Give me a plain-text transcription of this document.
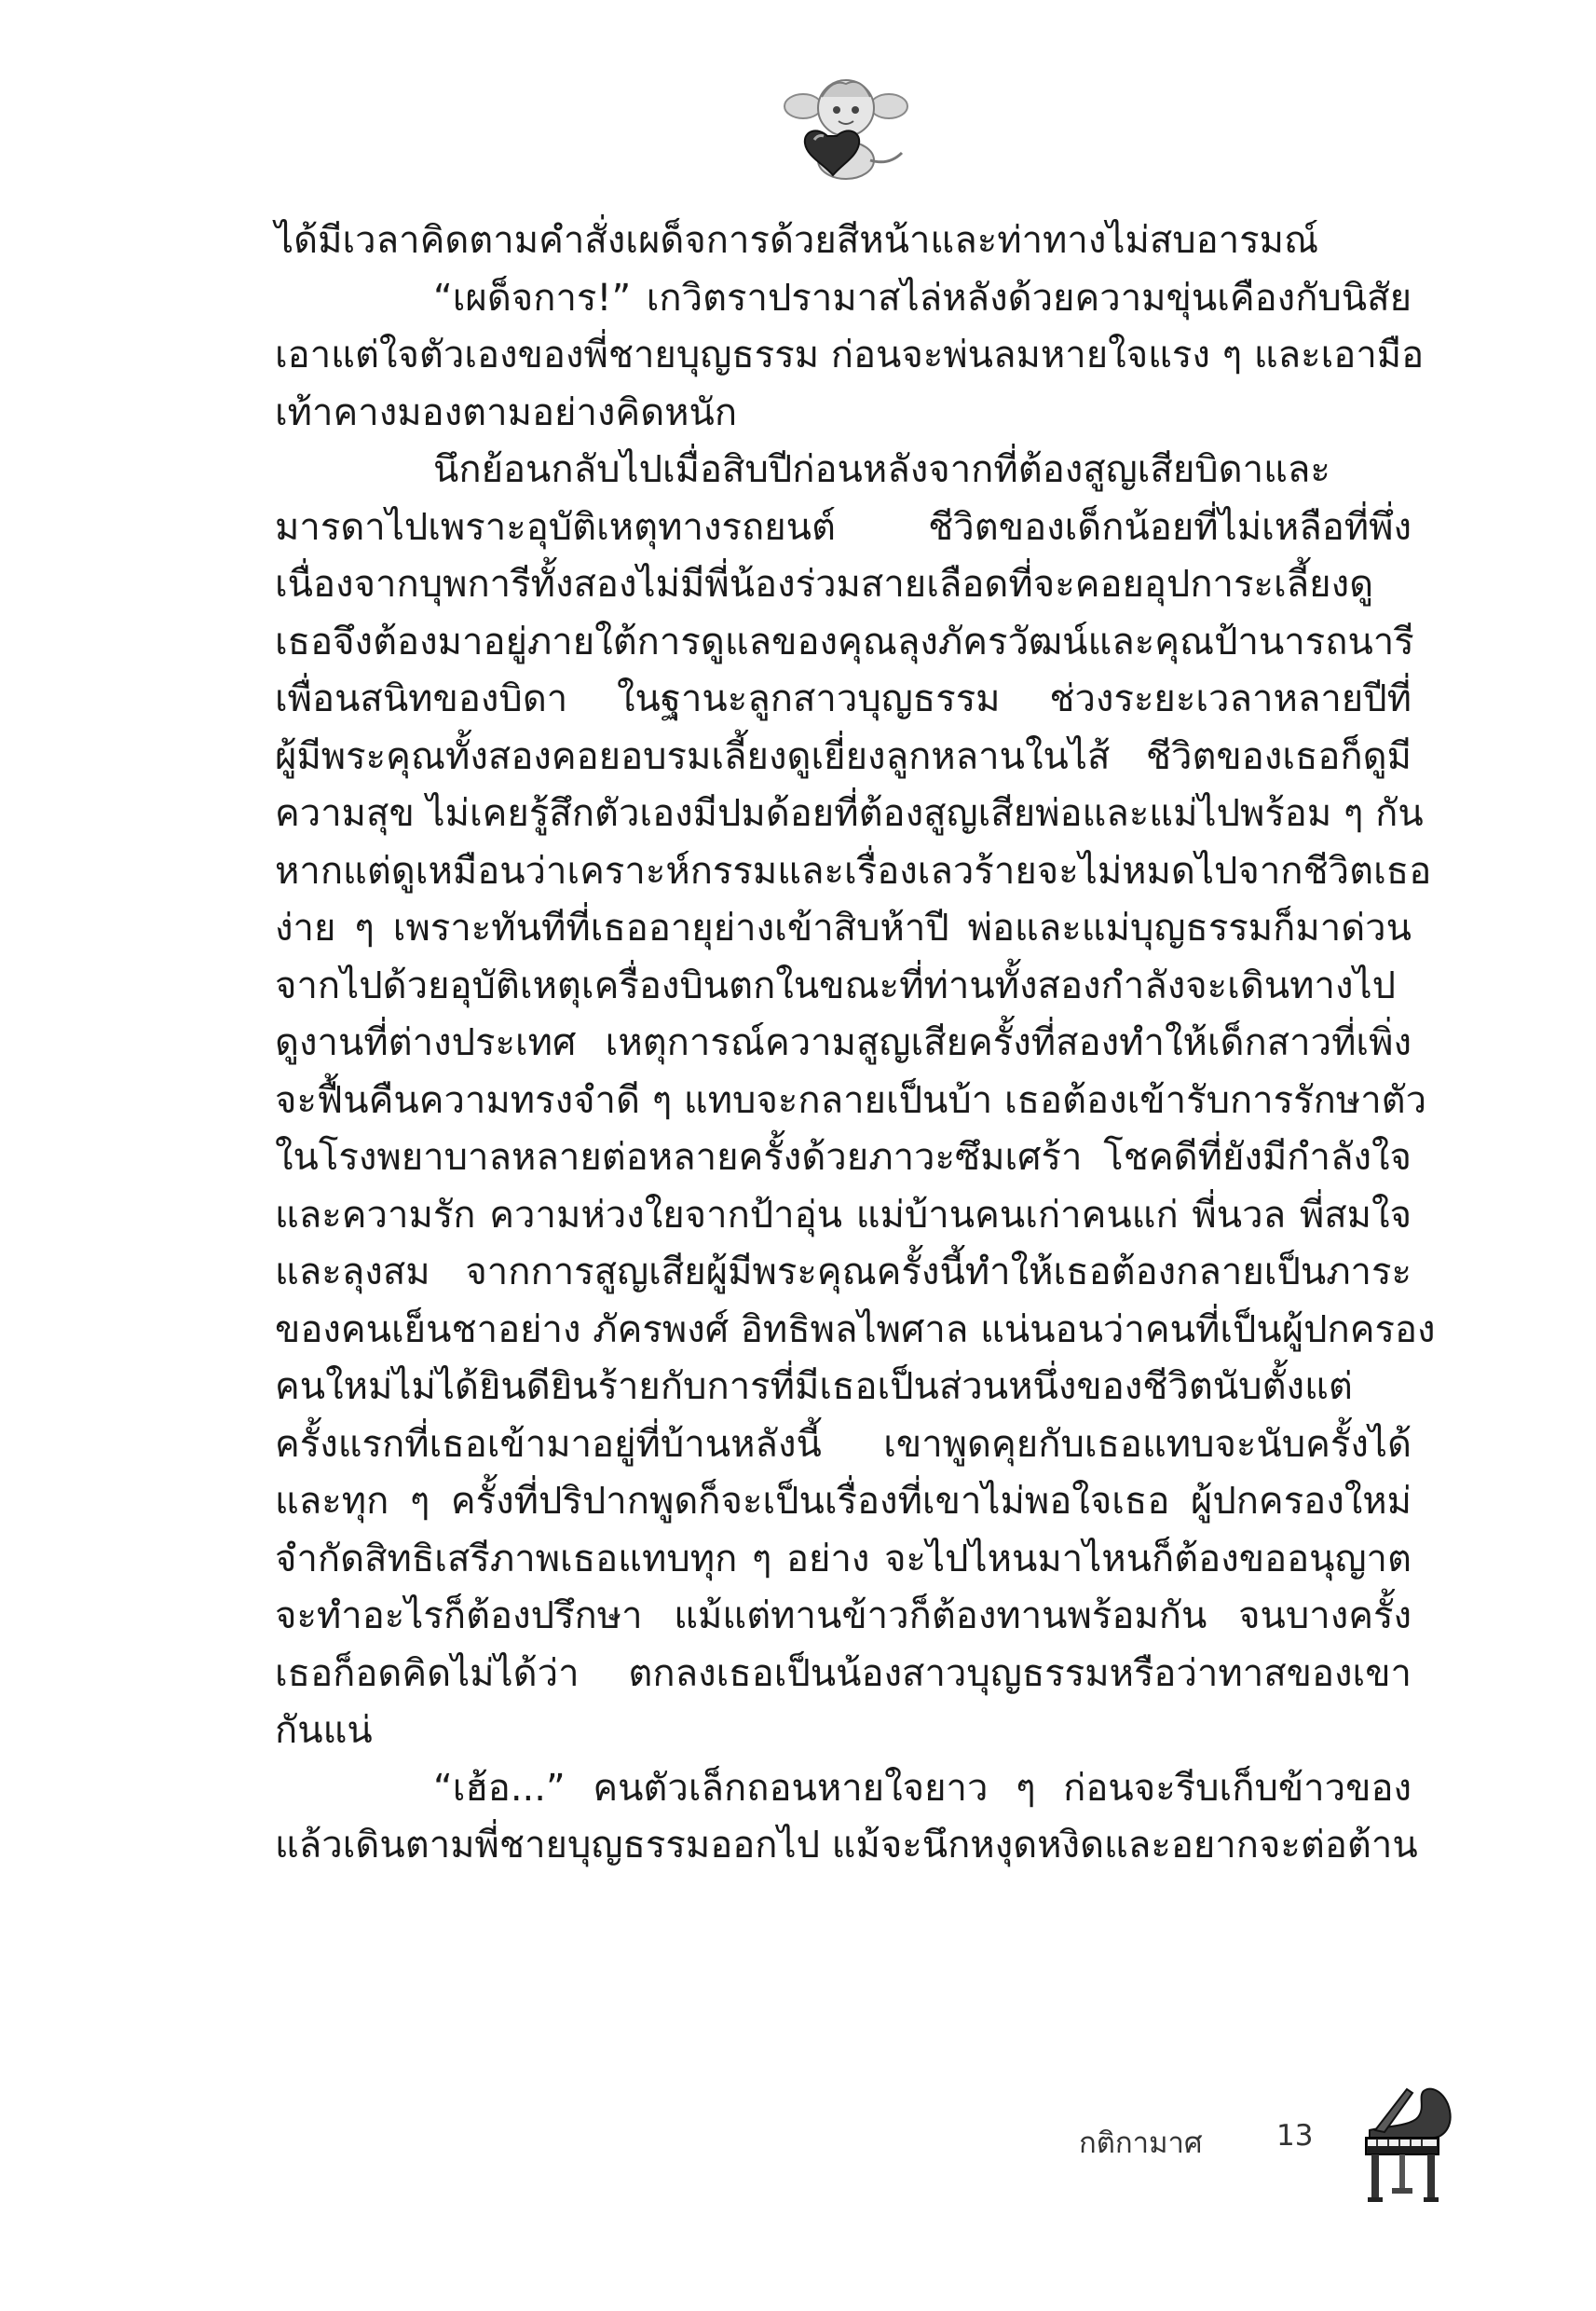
ได้มีเวลาคิดตามคำสั่งเผด็จการด้วยสีหน้าและท่าทางไม่สบอารมณ์
“เผด็จการ!” เกวิตราปรามาสไล่หลังด้วยความขุ่นเคืองกับนิสัย
เอาแต่ใจตัวเองของพี่ชายบุญธรรม ก่อนจะพ่นลมหายใจแรง ๆ และเอามือ
เท้าคางมองตามอย่างคิดหนัก
นึกย้อนกลับไปเมื่อสิบปีก่อนหลังจากที่ต้องสูญเสียบิดาและ
มารดาไปเพราะอุบัติเหตุทางรถยนต์ ชีวิตของเด็กน้อยที่ไม่เหลือที่พึ่ง
เนื่องจากบุพการีทั้งสองไม่มีพี่น้องร่วมสายเลือดที่จะคอยอุปการะเลี้ยงดู
เธอจึงต้องมาอยู่ภายใต้การดูแลของคุณลุงภัครวัฒน์และคุณป้านารถนารี
เพื่อนสนิทของบิดา ในฐานะลูกสาวบุญธรรม ช่วงระยะเวลาหลายปีที่
ผู้มีพระคุณทั้งสองคอยอบรมเลี้ยงดูเยี่ยงลูกหลานในไส้ ชีวิตของเธอก็ดูมี
ความสุข ไม่เคยรู้สึกตัวเองมีปมด้อยที่ต้องสูญเสียพ่อและแม่ไปพร้อม ๆ กัน
หากแต่ดูเหมือนว่าเคราะห์กรรมและเรื่องเลวร้ายจะไม่หมดไปจากชีวิตเธอ
ง่าย ๆ เพราะทันทีที่เธออายุย่างเข้าสิบห้าปี พ่อและแม่บุญธรรมก็มาด่วน
จากไปด้วยอุบัติเหตุเครื่องบินตกในขณะที่ท่านทั้งสองกำลังจะเดินทางไป
ดูงานที่ต่างประเทศ เหตุการณ์ความสูญเสียครั้งที่สองทำให้เด็กสาวที่เพิ่ง
จะฟื้นคืนความทรงจำดี ๆ แทบจะกลายเป็นบ้า เธอต้องเข้ารับการรักษาตัว
ในโรงพยาบาลหลายต่อหลายครั้งด้วยภาวะซึมเศร้า โชคดีที่ยังมีกำลังใจ
และความรัก ความห่วงใยจากป้าอุ่น แม่บ้านคนเก่าคนแก่ พี่นวล พี่สมใจ
และลุงสม จากการสูญเสียผู้มีพระคุณครั้งนี้ทำให้เธอต้องกลายเป็นภาระ
ของคนเย็นชาอย่าง ภัครพงศ์ อิทธิพลไพศาล แน่นอนว่าคนที่เป็นผู้ปกครอง
คนใหม่ไม่ได้ยินดียินร้ายกับการที่มีเธอเป็นส่วนหนึ่งของชีวิตนับตั้งแต่
ครั้งแรกที่เธอเข้ามาอยู่ที่บ้านหลังนี้ เขาพูดคุยกับเธอแทบจะนับครั้งได้
และทุก ๆ ครั้งที่ปริปากพูดก็จะเป็นเรื่องที่เขาไม่พอใจเธอ ผู้ปกครองใหม่
จำกัดสิทธิเสรีภาพเธอแทบทุก ๆ อย่าง จะไปไหนมาไหนก็ต้องขออนุญาต
จะทำอะไรก็ต้องปรึกษา แม้แต่ทานข้าวก็ต้องทานพร้อมกัน จนบางครั้ง
เธอก็อดคิดไม่ได้ว่า ตกลงเธอเป็นน้องสาวบุญธรรมหรือว่าทาสของเขา
กันแน่
“เฮ้อ...” คนตัวเล็กถอนหายใจยาว ๆ ก่อนจะรีบเก็บข้าวของ
แล้วเดินตามพี่ชายบุญธรรมออกไป แม้จะนึกหงุดหงิดและอยากจะต่อต้าน
กติกามาศ	13
